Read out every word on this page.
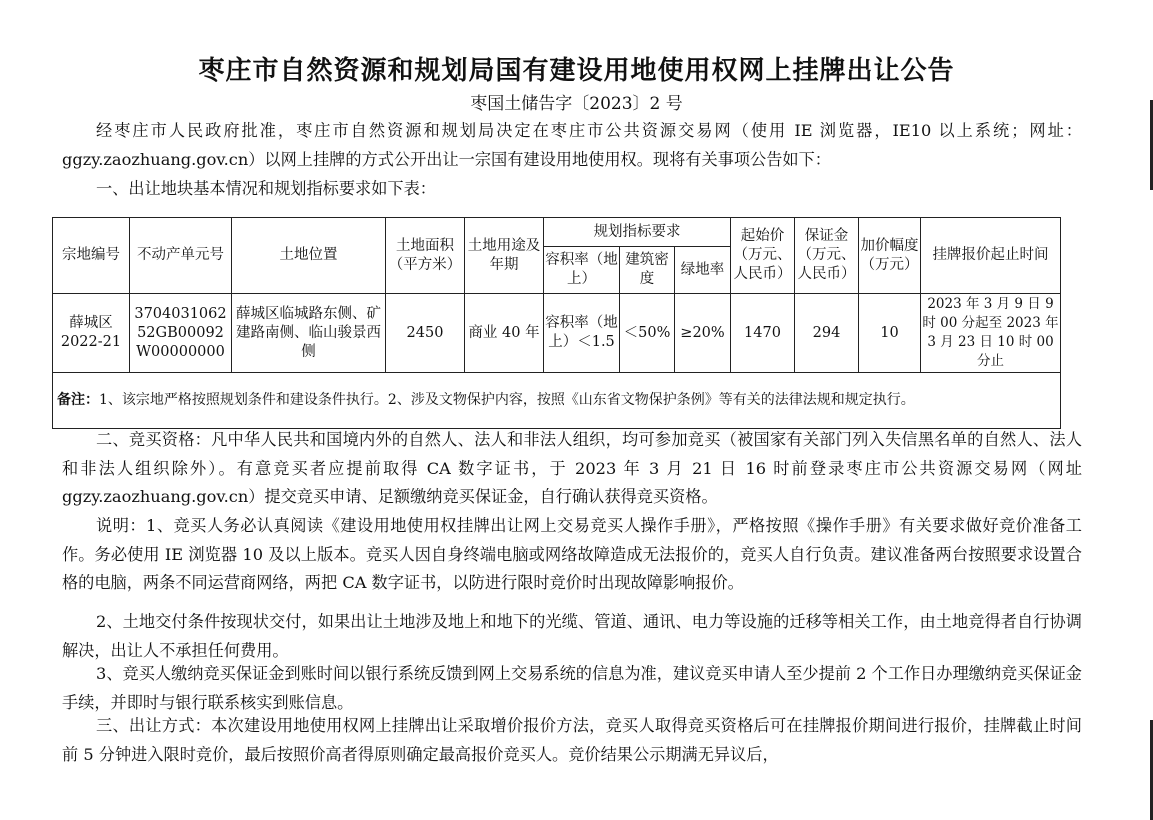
枣庄市自然资源和规划局国有建设用地使用权网上挂牌出让公告
枣国土储告字〔2023〕2 号

经枣庄市人民政府批准，枣庄市自然资源和规划局决定在枣庄市公共资源交易网（使用 IE 浏览器，IE10 以上系统；网址：ggzy.zaozhuang.gov.cn）以网上挂牌的方式公开出让一宗国有建设用地使用权。现将有关事项公告如下：

一、出让地块基本情况和规划指标要求如下表：

宗地编号	不动产单元号	土地位置	土地面积（平方米）	土地用途及年期	规划指标要求			起始价（万元、人民币）	保证金（万元、人民币）	加价幅度（万元）	挂牌报价起止时间
					容积率（地上）	建筑密度	绿地率				
薛城区 2022-21	370403106252GB00092W00000000	薛城区临城路东侧、矿建路南侧、临山骏景西侧	2450	商业 40 年	容积率（地上）＜1.5	＜50%	≥20%	1470	294	10	2023 年 3 月 9 日 9 时 00 分起至 2023 年 3 月 23 日 10 时 00 分止
备注：1、该宗地严格按照规划条件和建设条件执行。2、涉及文物保护内容，按照《山东省文物保护条例》等有关的法律法规和规定执行。											

二、竞买资格：凡中华人民共和国境内外的自然人、法人和非法人组织，均可参加竞买（被国家有关部门列入失信黑名单的自然人、法人和非法人组织除外）。有意竞买者应提前取得 CA 数字证书，于 2023 年 3 月 21 日 16 时前登录枣庄市公共资源交易网（网址 ggzy.zaozhuang.gov.cn）提交竞买申请、足额缴纳竞买保证金，自行确认获得竞买资格。

说明：1、竞买人务必认真阅读《建设用地使用权挂牌出让网上交易竞买人操作手册》，严格按照《操作手册》有关要求做好竞价准备工作。务必使用 IE 浏览器 10 及以上版本。竞买人因自身终端电脑或网络故障造成无法报价的，竞买人自行负责。建议准备两台按照要求设置合格的电脑，两条不同运营商网络，两把 CA 数字证书，以防进行限时竞价时出现故障影响报价。

2、土地交付条件按现状交付，如果出让土地涉及地上和地下的光缆、管道、通讯、电力等设施的迁移等相关工作，由土地竞得者自行协调解决，出让人不承担任何费用。

3、竞买人缴纳竞买保证金到账时间以银行系统反馈到网上交易系统的信息为准，建议竞买申请人至少提前 2 个工作日办理缴纳竞买保证金手续，并即时与银行联系核实到账信息。

三、出让方式：本次建设用地使用权网上挂牌出让采取增价报价方法，竞买人取得竞买资格后可在挂牌报价期间进行报价，挂牌截止时间前 5 分钟进入限时竞价，最后按照价高者得原则确定最高报价竞买人。竞价结果公示期满无异议后，
